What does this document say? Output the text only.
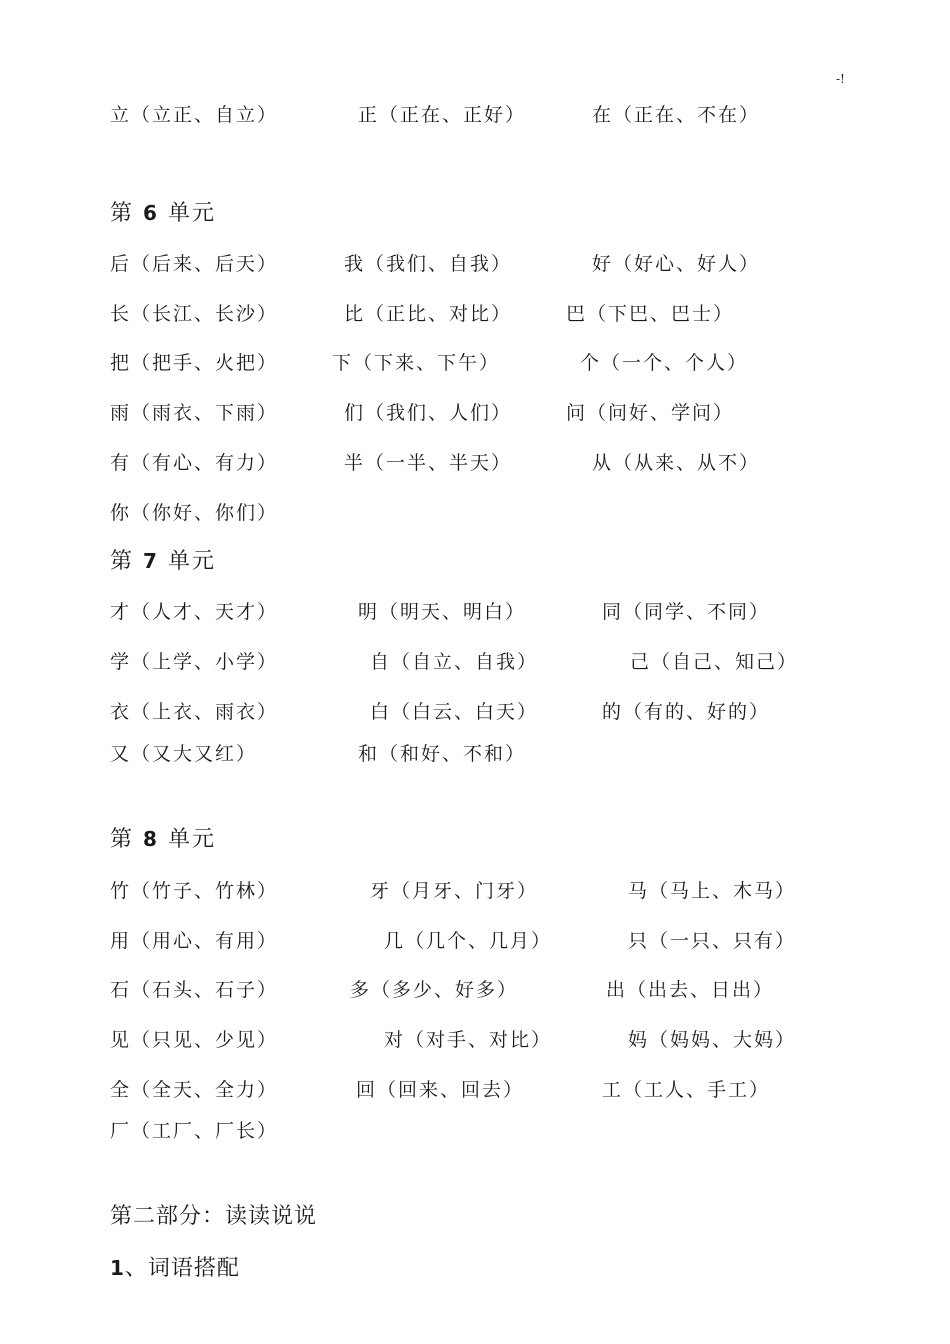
-!
立（立正、自立）	正（正在、正好）	在（正在、不在）
第 6 单元
后（后来、后天）	我（我们、自我）	好（好心、好人）
长（长江、长沙）	比（正比、对比）	巴（下巴、巴士）
把（把手、火把）	下（下来、下午）	个（一个、个人）
雨（雨衣、下雨）	们（我们、人们）	问（问好、学问）
有（有心、有力）	半（一半、半天）	从（从来、从不）
你（你好、你们）
第 7 单元
才（人才、天才）	明（明天、明白）	同（同学、不同）
学（上学、小学）	自（自立、自我）	己（自己、知己）
衣（上衣、雨衣）	白（白云、白天）	的（有的、好的）
又（又大又红）	和（和好、不和）
第 8 单元
竹（竹子、竹林）	牙（月牙、门牙）	马（马上、木马）
用（用心、有用）	几（几个、几月）	只（一只、只有）
石（石头、石子）	多（多少、好多）	出（出去、日出）
见（只见、少见）	对（对手、对比）	妈（妈妈、大妈）
全（全天、全力）	回（回来、回去）	工（工人、手工）
厂（工厂、厂长）
第二部分：读读说说
1、词语搭配
